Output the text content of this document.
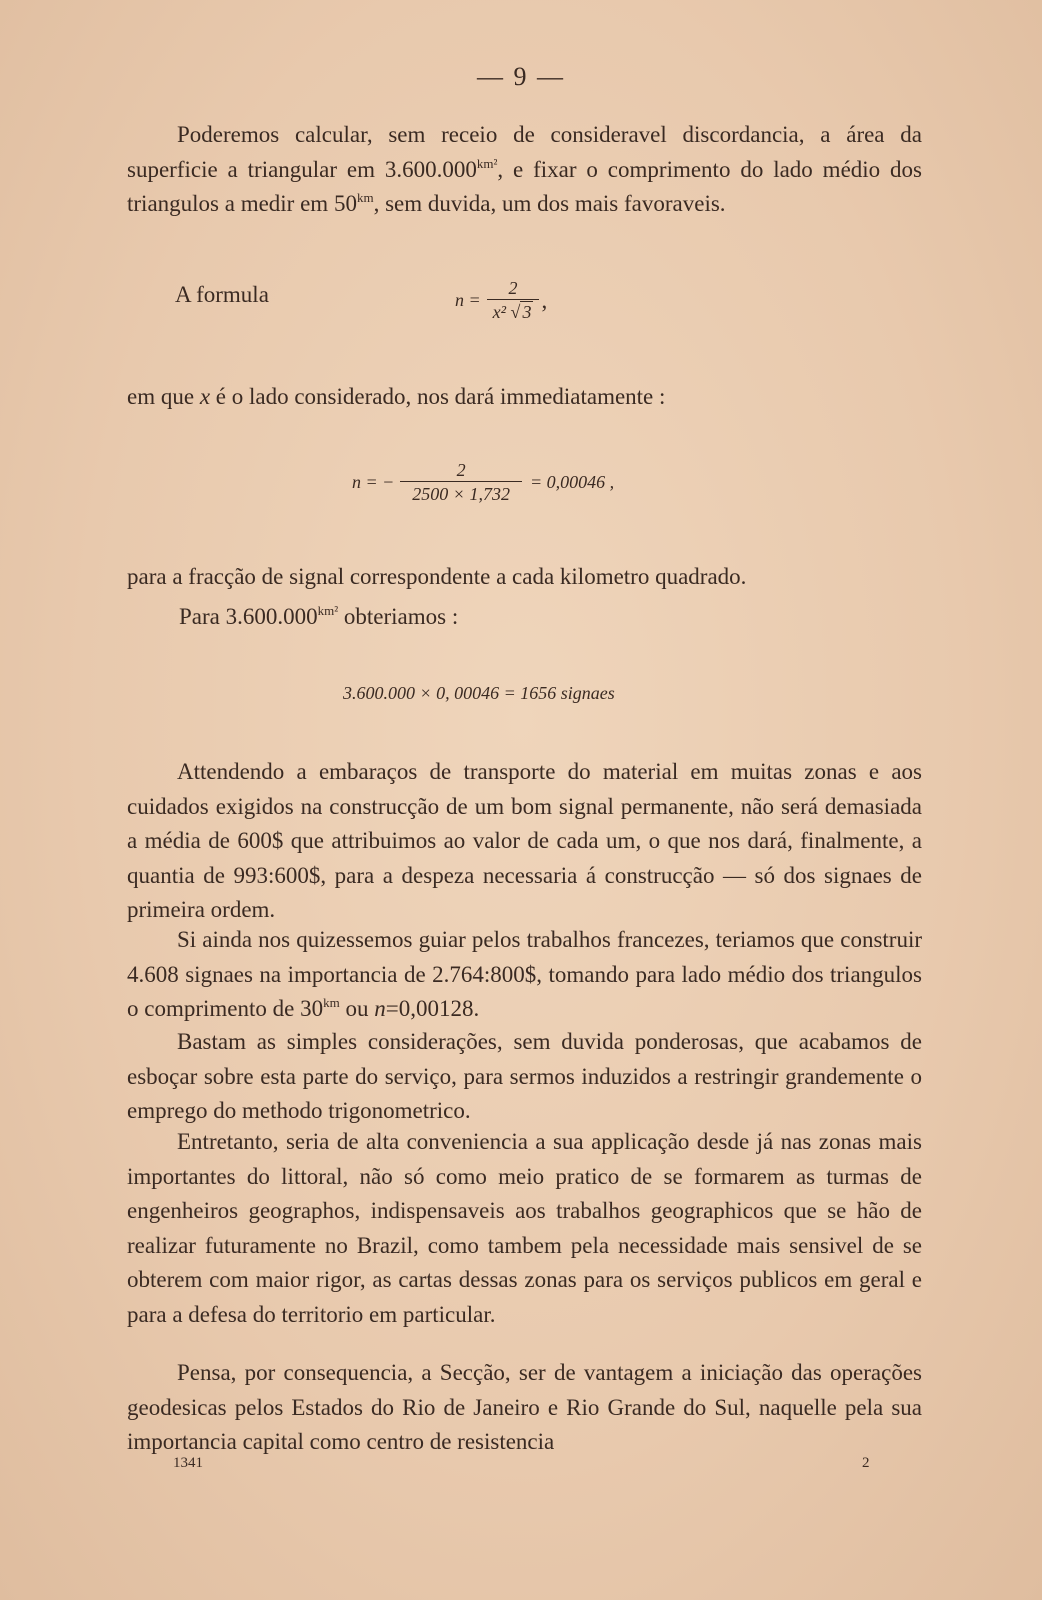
— 9 —

Poderemos calcular, sem receio de consideravel discordancia, a área da superficie a triangular em $3.600.000^{km^2}$, e fixar o comprimento do lado médio dos triangulos a medir em $50^{km}$, sem duvida, um dos mais favoraveis.

A formula	$n = \frac{2}{\text{x² √ 3}}$ ,
em que x é o lado considerado, nos dará immediatamente :
n = − $\frac{2}{2500 \times 1,732} = 0,00046$ ,
para a fracção de signal correspondente a cada kilometro quadrado.
Para $3.600.000^{km^2}$ obteriamos :
3.600.000 × 0, 00046 = 1656 signaes

Attendendo a embaraços de transporte do material em muitas zonas e aos cuidados exigidos na construcção de um bom signal permanente, não será demasiada a média de 600$ que attribuimos ao valor de cada um, o que nos dará, finalmente, a quantia de 993:600$, para a despeza necessaria á construcção — só dos signaes de primeira ordem.

Si ainda nos quizessemos guiar pelos trabalhos francezes, teriamos que construir 4.608 signaes na importancia de 2.764:800$, tomando para lado médio dos triangulos o comprimento de $30^{km}$ ou n=0,00128.

Bastam as simples considerações, sem duvida ponderosas, que acabamos de esboçar sobre esta parte do serviço, para sermos induzidos a restringir grandemente o emprego do methodo trigonometrico.

Entretanto, seria de alta conveniencia a sua applicação desde já nas zonas mais importantes do littoral, não só como meio pratico de se formarem as turmas de engenheiros geographos, indispensaveis aos trabalhos geographicos que se hão de realizar futuramente no Brazil, como tambem pela necessidade mais sensivel de se obterem com maior rigor, as cartas dessas zonas para os serviços publicos em geral e para a defesa do territorio em particular.

Pensa, por consequencia, a Secção, ser de vantagem a iniciação das operações geodesicas pelos Estados do Rio de Janeiro e Rio Grande do Sul, naquelle pela sua importancia capital como centro de resistencia

1341	2
